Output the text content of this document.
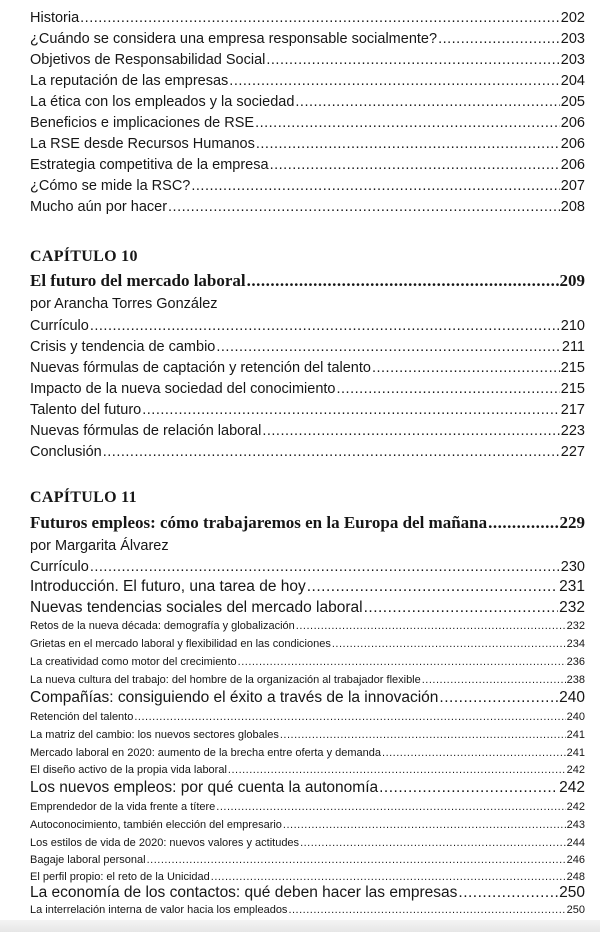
Historia .....	202
¿Cuándo se considera una empresa responsable socialmente? .....	203
Objetivos de Responsabilidad Social .....	203
La reputación de las empresas .....	204
La ética con los empleados y la sociedad .....	205
Beneficios e implicaciones de RSE .....	206
La RSE desde Recursos Humanos .....	206
Estrategia competitiva de la empresa .....	206
¿Cómo se mide la RSC? .....	207
Mucho aún por hacer .....	208
CAPÍTULO 10
El futuro del mercado laboral .....	209
por Arancha Torres González
Currículo .....	210
Crisis y tendencia de cambio .....	211
Nuevas fórmulas de captación y retención del talento .....	215
Impacto de la nueva sociedad del conocimiento .....	215
Talento del futuro .....	217
Nuevas fórmulas de relación laboral .....	223
Conclusión .....	227
CAPÍTULO 11
Futuros empleos: cómo trabajaremos en la Europa del mañana .....	229
por Margarita Álvarez
Currículo .....	230
Introducción. El futuro, una tarea de hoy .....	231
Nuevas tendencias sociales del mercado laboral .....	232
Retos de la nueva década: demografía y globalización .....	232
Grietas en el mercado laboral y flexibilidad en las condiciones .....	234
La creatividad como motor del crecimiento .....	236
La nueva cultura del trabajo: del hombre de la organización al trabajador flexible .....	238
Compañías: consiguiendo el éxito a través de la innovación .....	240
Retención del talento .....	240
La matriz del cambio: los nuevos sectores globales .....	241
Mercado laboral en 2020: aumento de la brecha entre oferta y demanda .....	241
El diseño activo de la propia vida laboral .....	242
Los nuevos empleos: por qué cuenta la autonomía .....	242
Emprendedor de la vida frente a títere .....	242
Autoconocimiento, también elección del empresario .....	243
Los estilos de vida de 2020: nuevos valores y actitudes .....	244
Bagaje laboral personal .....	246
El perfil propio: el reto de la Unicidad .....	248
La economía de los contactos: qué deben hacer las empresas .....	250
La interrelación interna de valor hacia los empleados .....	250
